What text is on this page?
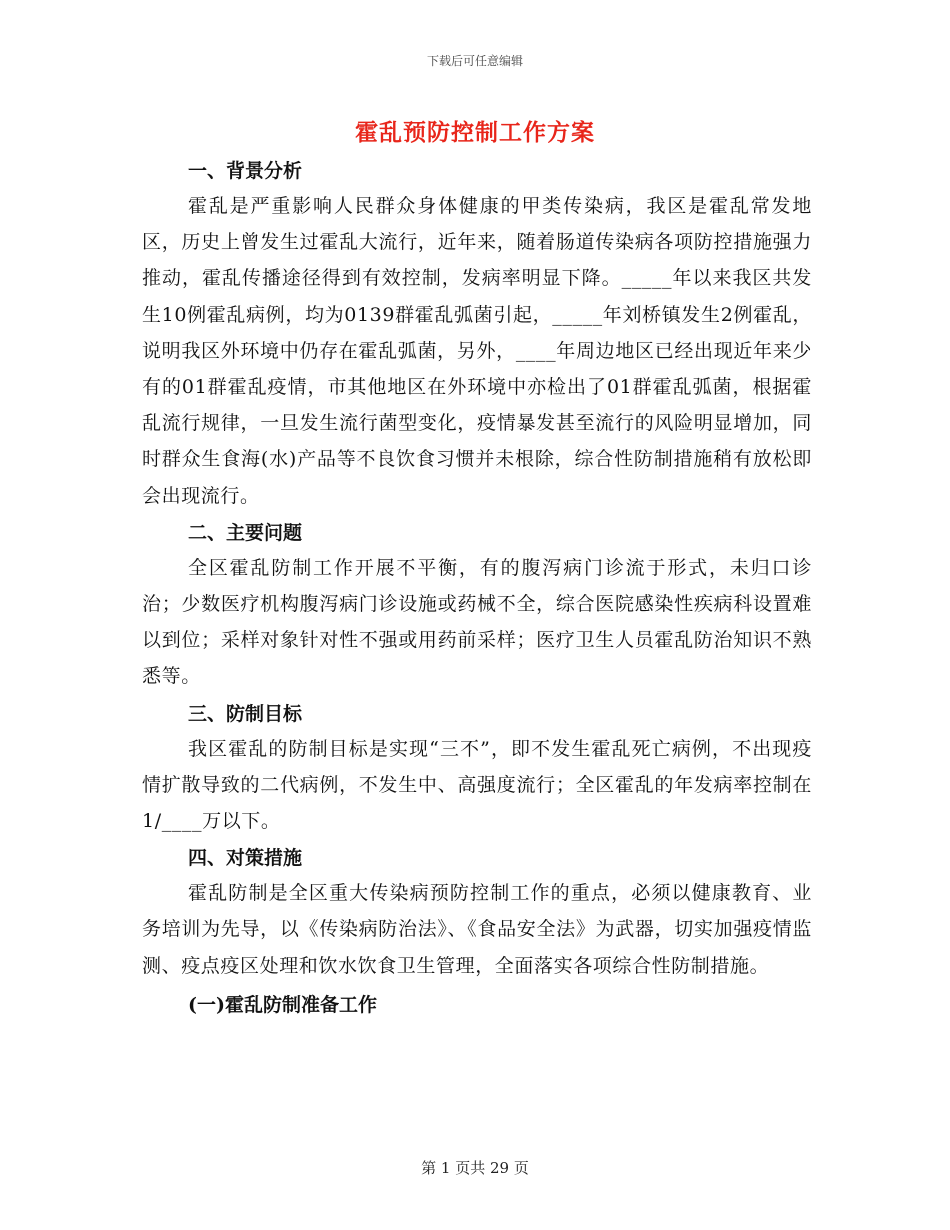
下载后可任意编辑
霍乱预防控制工作方案

一、背景分析

霍乱是严重影响人民群众身体健康的甲类传染病，我区是霍乱常发地区，历史上曾发生过霍乱大流行，近年来，随着肠道传染病各项防控措施强力推动，霍乱传播途径得到有效控制，发病率明显下降。_____年以来我区共发生10例霍乱病例，均为0139群霍乱弧菌引起，_____年刘桥镇发生2例霍乱，说明我区外环境中仍存在霍乱弧菌，另外，____年周边地区已经出现近年来少有的01群霍乱疫情，市其他地区在外环境中亦检出了01群霍乱弧菌，根据霍乱流行规律，一旦发生流行菌型变化，疫情暴发甚至流行的风险明显增加，同时群众生食海(水)产品等不良饮食习惯并未根除，综合性防制措施稍有放松即会出现流行。

二、主要问题

全区霍乱防制工作开展不平衡，有的腹泻病门诊流于形式，未归口诊治；少数医疗机构腹泻病门诊设施或药械不全，综合医院感染性疾病科设置难以到位；采样对象针对性不强或用药前采样；医疗卫生人员霍乱防治知识不熟悉等。

三、防制目标

我区霍乱的防制目标是实现“三不”，即不发生霍乱死亡病例，不出现疫情扩散导致的二代病例，不发生中、高强度流行；全区霍乱的年发病率控制在1/____万以下。

四、对策措施

霍乱防制是全区重大传染病预防控制工作的重点，必须以健康教育、业务培训为先导，以《传染病防治法》、《食品安全法》为武器，切实加强疫情监测、疫点疫区处理和饮水饮食卫生管理，全面落实各项综合性防制措施。

(一)霍乱防制准备工作

第 1 页共 29 页
